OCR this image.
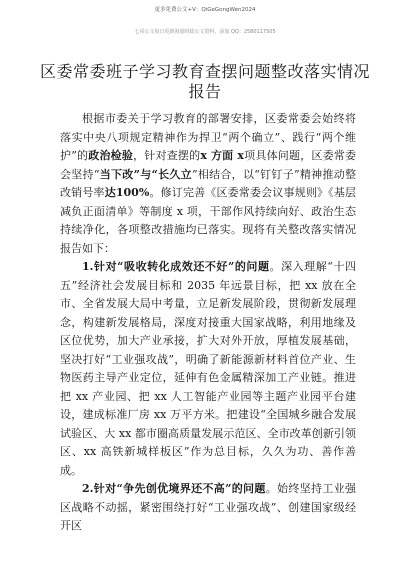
更多免费公文+V：QiGeGongWen2024
七哥公文每日更新海量时政公文资料，添加 QQ：2580117505
区委常委班子学习教育查摆问题整改落实情况报告

根据市委关于学习教育的部署安排，区委常委会始终将落实中央八项规定精神作为捍卫“两个确立”、践行“两个维护”的政治检验，针对查摆的x 方面 x项具体问题，区委常委会坚持“当下改”与“长久立”相结合，以“钉钉子”精神推动整改销号率达100%。修订完善《区委常委会议事规则》《基层减负正面清单》等制度 x 项，干部作风持续向好、政治生态持续净化，各项整改措施均已落实。现将有关整改落实情况报告如下：

1.针对“吸收转化成效还不好”的问题。深入理解“十四五”经济社会发展目标和 2035 年远景目标，把 xx 放在全市、全省发展大局中考量，立足新发展阶段，贯彻新发展理念，构建新发展格局，深度对接重大国家战略，利用地缘及区位优势，加大产业承接，扩大对外开放，厚植发展基础，坚决打好“工业强攻战”，明确了新能源新材料首位产业、生物医药主导产业定位，延伸有色金属精深加工产业链。推进把 xx 产业园、把 xx 人工智能产业园等主题产业园平台建设，建成标准厂房 xx 万平方米。把建设“全国城乡融合发展试验区、大 xx 都市圈高质量发展示范区、全市改革创新引领区、xx 高铁新城样板区”作为总目标，久久为功、善作善成。

2.针对“争先创优境界还不高”的问题。始终坚持工业强区战略不动摇，紧密围绕打好“工业强攻战”、创建国家级经开区
